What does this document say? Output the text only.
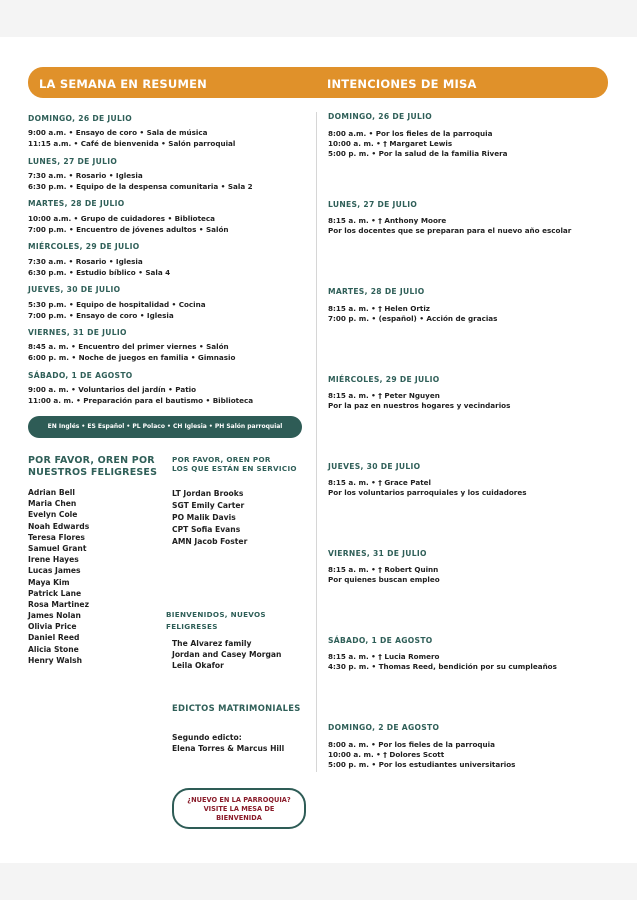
LA SEMANA EN RESUMEN	INTENCIONES DE MISA
DOMINGO, 26 DE JULIO
9:00 a.m. • Ensayo de coro • Sala de música
11:15 a.m. • Café de bienvenida • Salón parroquial
LUNES, 27 DE JULIO
7:30 a.m. • Rosario • Iglesia
6:30 p.m. • Equipo de la despensa comunitaria • Sala 2
MARTES, 28 DE JULIO
10:00 a.m. • Grupo de cuidadores • Biblioteca
7:00 p.m. • Encuentro de jóvenes adultos • Salón
MIÉRCOLES, 29 DE JULIO
7:30 a.m. • Rosario • Iglesia
6:30 p.m. • Estudio bíblico • Sala 4
JUEVES, 30 DE JULIO
5:30 p.m. • Equipo de hospitalidad • Cocina
7:00 p.m. • Ensayo de coro • Iglesia
VIERNES, 31 DE JULIO
8:45 a. m. • Encuentro del primer viernes • Salón
6:00 p. m. • Noche de juegos en familia • Gimnasio
SÁBADO, 1 DE AGOSTO
9:00 a. m. • Voluntarios del jardín • Patio
11:00 a. m. • Preparación para el bautismo • Biblioteca
EN Inglés • ES Español • PL Polaco • CH Iglesia • PH Salón parroquial
POR FAVOR, OREN POR
NUESTROS FELIGRESES
Adrian Bell
Maria Chen
Evelyn Cole
Noah Edwards
Teresa Flores
Samuel Grant
Irene Hayes
Lucas James
Maya Kim
Patrick Lane
Rosa Martinez
James Nolan
Olivia Price
Daniel Reed
Alicia Stone
Henry Walsh
POR FAVOR, OREN POR
LOS QUE ESTÁN EN SERVICIO
LT Jordan Brooks
SGT Emily Carter
PO Malik Davis
CPT Sofia Evans
AMN Jacob Foster
BIENVENIDOS, NUEVOS
FELIGRESES
The Alvarez family
Jordan and Casey Morgan
Leila Okafor
EDICTOS MATRIMONIALES
Segundo edicto:
Elena Torres & Marcus Hill
¿NUEVO EN LA PARROQUIA? VISITE LA MESA DE BIENVENIDA
DOMINGO, 26 DE JULIO
8:00 a.m. • Por los fieles de la parroquia
10:00 a. m. • † Margaret Lewis
5:00 p. m. • Por la salud de la familia Rivera
LUNES, 27 DE JULIO
8:15 a. m. • † Anthony Moore
Por los docentes que se preparan para el nuevo año escolar
MARTES, 28 DE JULIO
8:15 a. m. • † Helen Ortiz
7:00 p. m. • (español) • Acción de gracias
MIÉRCOLES, 29 DE JULIO
8:15 a. m. • † Peter Nguyen
Por la paz en nuestros hogares y vecindarios
JUEVES, 30 DE JULIO
8:15 a. m. • † Grace Patel
Por los voluntarios parroquiales y los cuidadores
VIERNES, 31 DE JULIO
8:15 a. m. • † Robert Quinn
Por quienes buscan empleo
SÁBADO, 1 DE AGOSTO
8:15 a. m. • † Lucia Romero
4:30 p. m. • Thomas Reed, bendición por su cumpleaños
DOMINGO, 2 DE AGOSTO
8:00 a. m. • Por los fieles de la parroquia
10:00 a. m. • † Dolores Scott
5:00 p. m. • Por los estudiantes universitarios
